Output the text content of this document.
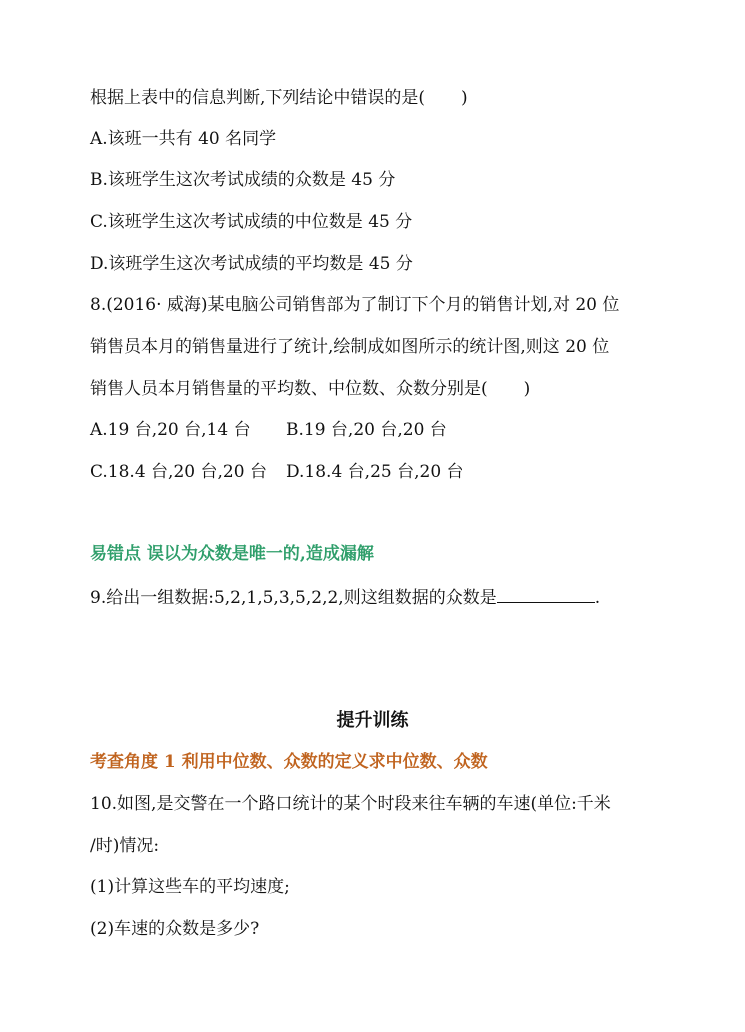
根据上表中的信息判断,下列结论中错误的是( )
A.该班一共有 40 名同学
B.该班学生这次考试成绩的众数是 45 分
C.该班学生这次考试成绩的中位数是 45 分
D.该班学生这次考试成绩的平均数是 45 分
8.(2016· 威海)某电脑公司销售部为了制订下个月的销售计划,对 20 位
销售员本月的销售量进行了统计,绘制成如图所示的统计图,则这 20 位
销售人员本月销售量的平均数、中位数、众数分别是( )
A.19 台,20 台,14 台 B.19 台,20 台,20 台
C.18.4 台,20 台,20 台 D.18.4 台,25 台,20 台
易错点 误以为众数是唯一的,造成漏解
9.给出一组数据:5,2,1,5,3,5,2,2,则这组数据的众数是	.
提升训练
考查角度 1 利用中位数、众数的定义求中位数、众数
10.如图,是交警在一个路口统计的某个时段来往车辆的车速(单位:千米
/时)情况:
(1)计算这些车的平均速度;
(2)车速的众数是多少?
